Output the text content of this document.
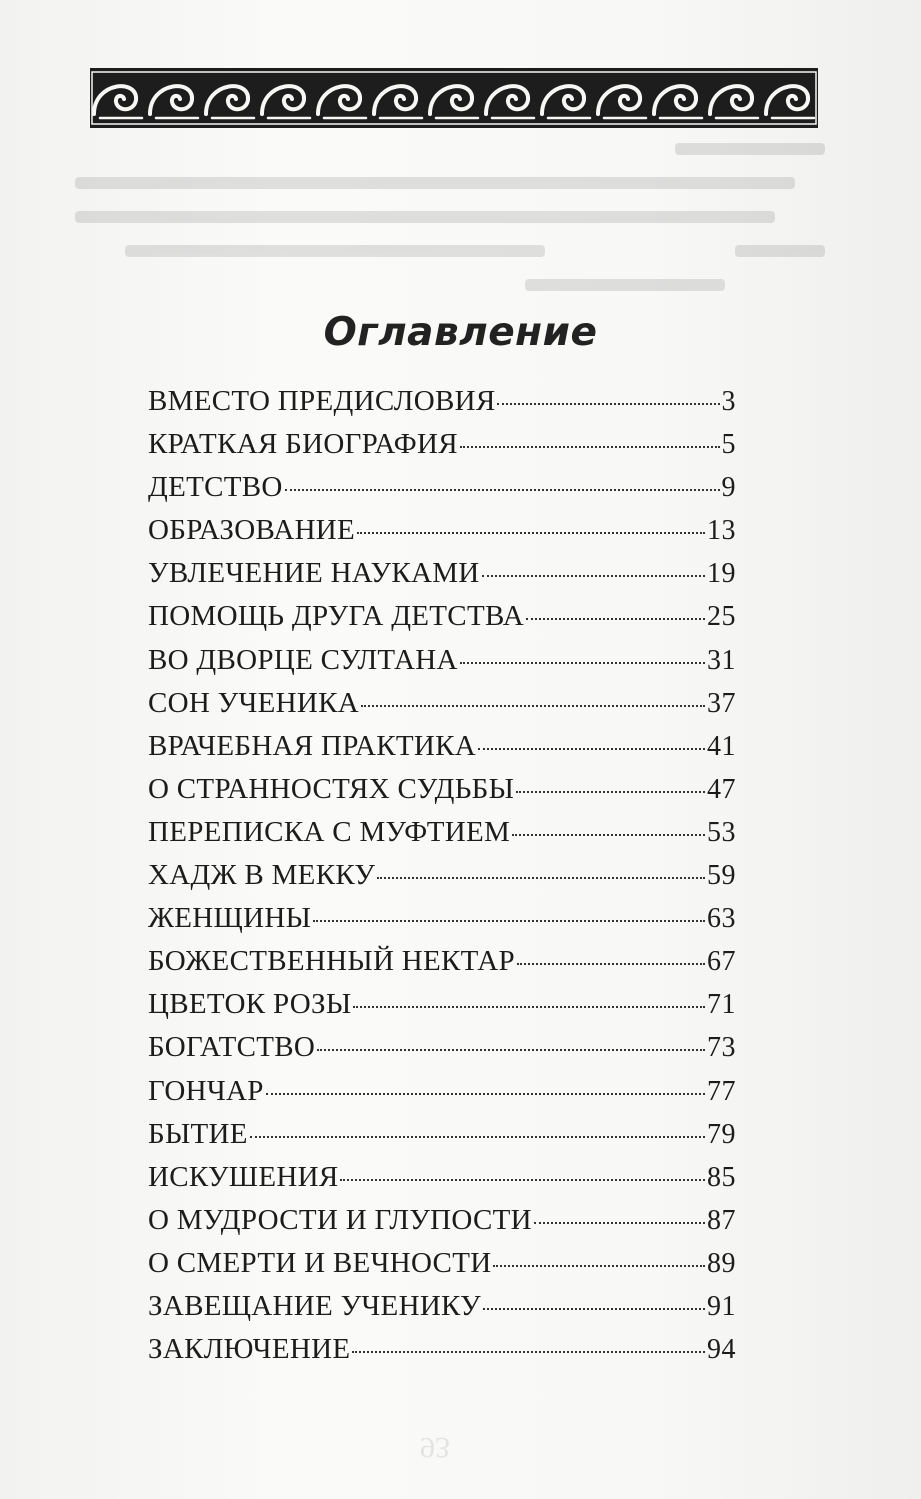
Оглавление
ВМЕСТО ПРЕДИСЛОВИЯ	3
КРАТКАЯ БИОГРАФИЯ	5
ДЕТСТВО	9
ОБРАЗОВАНИЕ	13
УВЛЕЧЕНИЕ НАУКАМИ	19
ПОМОЩЬ ДРУГА ДЕТСТВА	25
ВО ДВОРЦЕ СУЛТАНА	31
СОН УЧЕНИКА	37
ВРАЧЕБНАЯ ПРАКТИКА	41
О СТРАННОСТЯХ СУДЬБЫ	47
ПЕРЕПИСКА С МУФТИЕМ	53
ХАДЖ В МЕККУ	59
ЖЕНЩИНЫ	63
БОЖЕСТВЕННЫЙ НЕКТАР	67
ЦВЕТОК РОЗЫ	71
БОГАТСТВО	73
ГОНЧАР	77
БЫТИЕ	79
ИСКУШЕНИЯ	85
О МУДРОСТИ И ГЛУПОСТИ	87
О СМЕРТИ И ВЕЧНОСТИ	89
ЗАВЕЩАНИЕ УЧЕНИКУ	91
ЗАКЛЮЧЕНИЕ	94
93
